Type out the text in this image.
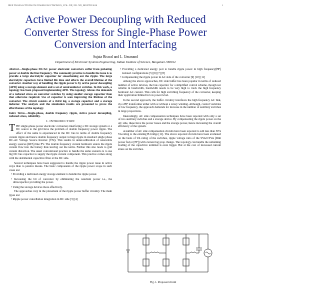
IEEE TRANSACTIONS ON POWER ELECTRONICS, VOL. XX, NO. XX, MONTH 2016	1
Active Power Decoupling with Reduced Converter Stress for Single-Phase Power Conversion and Interfacing
Sujata Biswal and L. Umanand
Department of Electronic Systems Engineering, Indian Institute of Science, Bangalore-560012

Abstract—Single-phase DC/AC power electronic converters suffer from pulsating power at double the line frequency. The commonly practice to handle the issue is to provide a large electrolytic capacitor for smoothening out the ripple. The large electrolytic capacitors have limited life time and affects the overall lifetime of the converter. Another way of handling the ripple power is by active power decoupling (APD) using a storage element and a set of semiconductor switches. In this work, a topology has been proposed implementing APD. The topology relaxes the demands of a reduced stress on converter switches by using smaller storage capacitor than that otherwise required. Use of capacitor is seen improving the lifetime of the converter. The circuit consists of a third leg, a storage capacitor and a storage inductor. The analysis and the simulation results are presented to prove the effectiveness of the topology.

Index Terms—Single-phase, double frequency ripple, Active power decoupling, reduced stress, reliability.

I. INTRODUCTION

THE single-phase power electronic converters interfacing a DC storage system or a DC source to the grid have the problem of double frequency power ripple. The effect of the same is experienced in the DC bus in terms of double frequency current ripple and hence double frequency output voltage ripple in standard single phase DC-AC Voltage Source Inverter (VSI). This results in under-utilization of renewable energy sources (RES) like PV. The double frequency current harmonic enters the ripple current flow into the battery thus leaving out the terms. Further this also leads to grid current distortion. The usual conventional practice to handle the same scenario is to use big DC bus capacitor to supply the ripple current component. This practice comes along with the detrimental capacitive filter at the DC side.

Several techniques have been suggested to handle the ripple power issue in active ways than to passive means. The basic components of the ripple power scope in such cases are:

• Providing a dedicated energy storage element to handle the ripple power.
• Increasing the bit of converter by eliminating the resultant power i.e., the ultracapacitor providing the power.
• Using the storage devices more effectively.

The approaches vary in the placement of the ripple power buffer circuitry. The main types are:

• Ripple power cancellation integration in DC side [3] [4]
• Providing a dedicated energy port to handle ripple power in high frequency(HF) isolated configurations [5] [6] [7] [8]
• Compensating the ripple power in AC side of the converter [9] [10] [11]

Among the above approaches, DC side buffer has been popular in terms of reduced number of active devices, the bus capacitor for a simplified control scheme, though not reliable in bandwidth, bandwidth needs to be very high to track the high frequency harmonic AC current. This calls for high switching frequency of the converter, keeping their application limited in low power level.

In the second approach, the buffer circuitry interfaces the high frequency AC link, via a HF transformer either with or without a rotary winding. Although, control variables of low frequency, the approach demands for increase in the number of auxiliary switches in large proportions.

Interestingly, AC side compensation techniques have been reported with only a set of two auxiliary switches and a storage device. By compensating the ripple power on the AC side, these have the power losses and the storage power, hence increasing the overall efficiency of the system.

A number of AC side compensation circuits have been reported to add less than 30% VA rating to the existing H-bridge [11]. The above reported circuits have been evaluated on the basis of VA rating of the switches, ripple voltage ratio of the SVA/CSVA (Dim power factor [PF]) with current lag prop change. The topology can handle the remaining loading of the capacitive terminal is even bigger. But at the cost of increased current stress on the switches.

Fig. 1. Proposed circuit
